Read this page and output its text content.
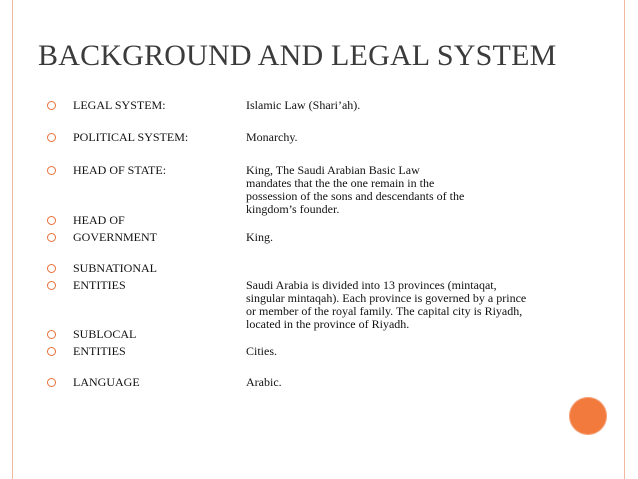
BACKGROUND AND LEGAL SYSTEM
LEGAL SYSTEM:	Islamic Law (Shari’ah).
POLITICAL SYSTEM:	Monarchy.
HEAD OF STATE:	King, The Saudi Arabian Basic Law
mandates that the the one remain in the
possession of the sons and descendants of the
kingdom’s founder.
HEAD OF
GOVERNMENT	King.
SUBNATIONAL
ENTITIES	Saudi Arabia is divided into 13 provinces (mintaqat,
singular mintaqah). Each province is governed by a prince
or member of the royal family. The capital city is Riyadh,
located in the province of Riyadh.
SUBLOCAL
ENTITIES	Cities.
LANGUAGE	Arabic.
